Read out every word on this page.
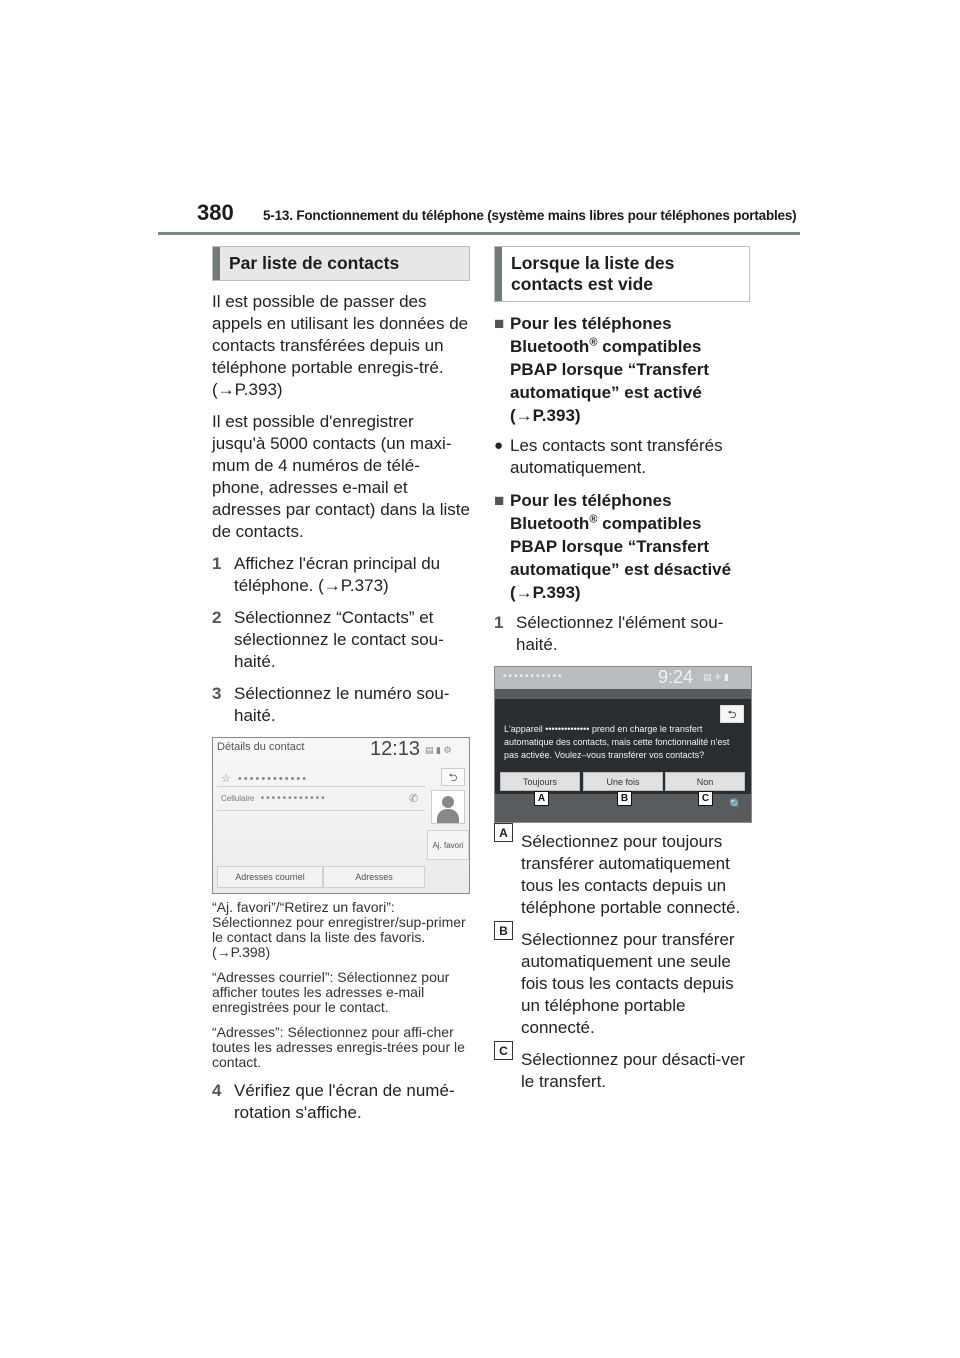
380 5-13. Fonctionnement du téléphone (système mains libres pour téléphones portables)
Par liste de contacts

Il est possible de passer des appels en utilisant les données de contacts transférées depuis un téléphone portable enregis-tré. (→P.393)

Il est possible d'enregistrer jusqu'à 5000 contacts (un maxi-mum de 4 numéros de télé-phone, adresses e-mail et adresses par contact) dans la liste de contacts.

1 Affichez l'écran principal du téléphone. (→P.373)
2 Sélectionnez “Contacts” et sélectionnez le contact sou-haité.
3 Sélectionnez le numéro sou-haité.
Détails du contact	12:13 ▤ ▮ ⚙
⮌
☆ ••••••••••••
Cellulaire ••••••••••••	✆
Aj. favori
Adresses courriel	Adresses
“Aj. favori”/“Retirez un favori”: Sélectionnez pour enregistrer/sup-primer le contact dans la liste des favoris. (→P.398)
“Adresses courriel”: Sélectionnez pour afficher toutes les adresses e-mail enregistrées pour le contact.
“Adresses”: Sélectionnez pour affi-cher toutes les adresses enregis-trées pour le contact.
4 Vérifiez que l'écran de numé-rotation s'affiche.
Lorsque la liste des contacts est vide
■ Pour les téléphones
Bluetooth® compatibles PBAP lorsque “Transfert automatique” est activé (→P.393)
● Les contacts sont transférés automatiquement.
■ Pour les téléphones
Bluetooth® compatibles PBAP lorsque “Transfert automatique” est désactivé (→P.393)
1 Sélectionnez l'élément sou-haité.
•••••••••••	9:24 ▤ ✈ ▮
⮌
L'appareil •••••••••••••• prend en charge le transfert automatique des contacts, mais cette fonctionnalité n'est pas activée. Voulez–vous transférer vos contacts?
Toujours	Une fois	Non
A	B	C
🔍
A Sélectionnez pour toujours transférer automatiquement tous les contacts depuis un téléphone portable connecté.
B Sélectionnez pour transférer automatiquement une seule fois tous les contacts depuis un téléphone portable connecté.
C Sélectionnez pour désacti-ver le transfert.
